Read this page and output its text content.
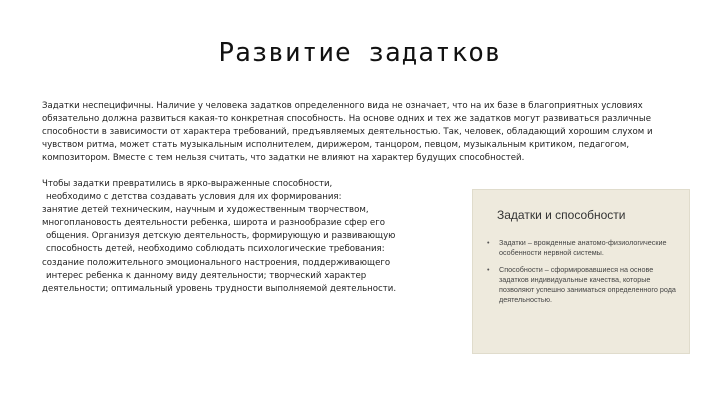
Развитие задатков

Задатки неспецифичны. Наличие у человека задатков определенного вида не означает, что на их базе в благоприятных условиях обязательно должна развиться какая-то конкретная способность. На основе одних и тех же задатков могут развиваться различные способности в зависимости от характера требований, предъявляемых деятельностью. Так, человек, обладающий хорошим слухом и чувством ритма, может стать музыкальным исполнителем, дирижером, танцором, певцом, музыкальным критиком, педагогом, композитором. Вместе с тем нельзя считать, что задатки не влияют на характер будущих способностей.

Чтобы задатки превратились в ярко-выраженные способности,
необходимо с детства создавать условия для их формирования:
занятие детей техническим, научным и художественным творчеством,
многоплановость деятельности ребенка, широта и разнообразие сфер его
общения. Организуя детскую деятельность, формирующую и развивающую
способность детей, необходимо соблюдать психологические требования:
создание положительного эмоционального настроения, поддерживающего
интерес ребенка к данному виду деятельности; творческий характер
деятельности; оптимальный уровень трудности выполняемой деятельности.
Задатки и способности
• Задатки – врожденные анатомо-физиологические особенности нервной системы.
• Способности – сформировавшиеся на основе задатков индивидуальные качества, которые позволяют успешно заниматься определенного рода деятельностью.
